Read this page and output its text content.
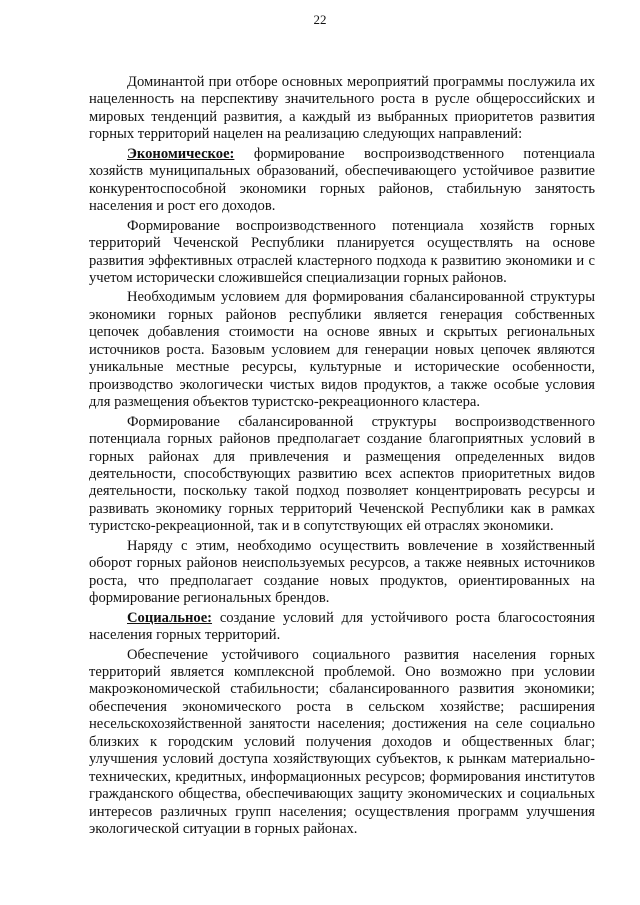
22

Доминантой при отборе основных мероприятий программы послужила их нацеленность на перспективу значительного роста в русле общероссийских и мировых тенденций развития, а каждый из выбранных приоритетов развития горных территорий нацелен на реализацию следующих направлений:

Экономическое: формирование воспроизводственного потенциала хозяйств муниципальных образований, обеспечивающего устойчивое развитие конкурентоспособной экономики горных районов, стабильную занятость населения и рост его доходов.

Формирование воспроизводственного потенциала хозяйств горных территорий Чеченской Республики планируется осуществлять на основе развития эффективных отраслей кластерного подхода к развитию экономики и с учетом исторически сложившейся специализации горных районов.

Необходимым условием для формирования сбалансированной структуры экономики горных районов республики является генерация собственных цепочек добавления стоимости на основе явных и скрытых региональных источников роста. Базовым условием для генерации новых цепочек являются уникальные местные ресурсы, культурные и исторические особенности, производство экологически чистых видов продуктов, а также особые условия для размещения объектов туристско-рекреационного кластера.

Формирование сбалансированной структуры воспроизводственного потенциала горных районов предполагает создание благоприятных условий в горных районах для привлечения и размещения определенных видов деятельности, способствующих развитию всех аспектов приоритетных видов деятельности, поскольку такой подход позволяет концентрировать ресурсы и развивать экономику горных территорий Чеченской Республики как в рамках туристско-рекреационной, так и в сопутствующих ей отраслях экономики.

Наряду с этим, необходимо осуществить вовлечение в хозяйственный оборот горных районов неиспользуемых ресурсов, а также неявных источников роста, что предполагает создание новых продуктов, ориентированных на формирование региональных брендов.

Социальное: создание условий для устойчивого роста благосостояния населения горных территорий.

Обеспечение устойчивого социального развития населения горных территорий является комплексной проблемой. Оно возможно при условии макроэкономической стабильности; сбалансированного развития экономики; обеспечения экономического роста в сельском хозяйстве; расширения несельскохозяйственной занятости населения; достижения на селе социально близких к городским условий получения доходов и общественных благ; улучшения условий доступа хозяйствующих субъектов, к рынкам материально-технических, кредитных, информационных ресурсов; формирования институтов гражданского общества, обеспечивающих защиту экономических и социальных интересов различных групп населения; осуществления программ улучшения экологической ситуации в горных районах.
